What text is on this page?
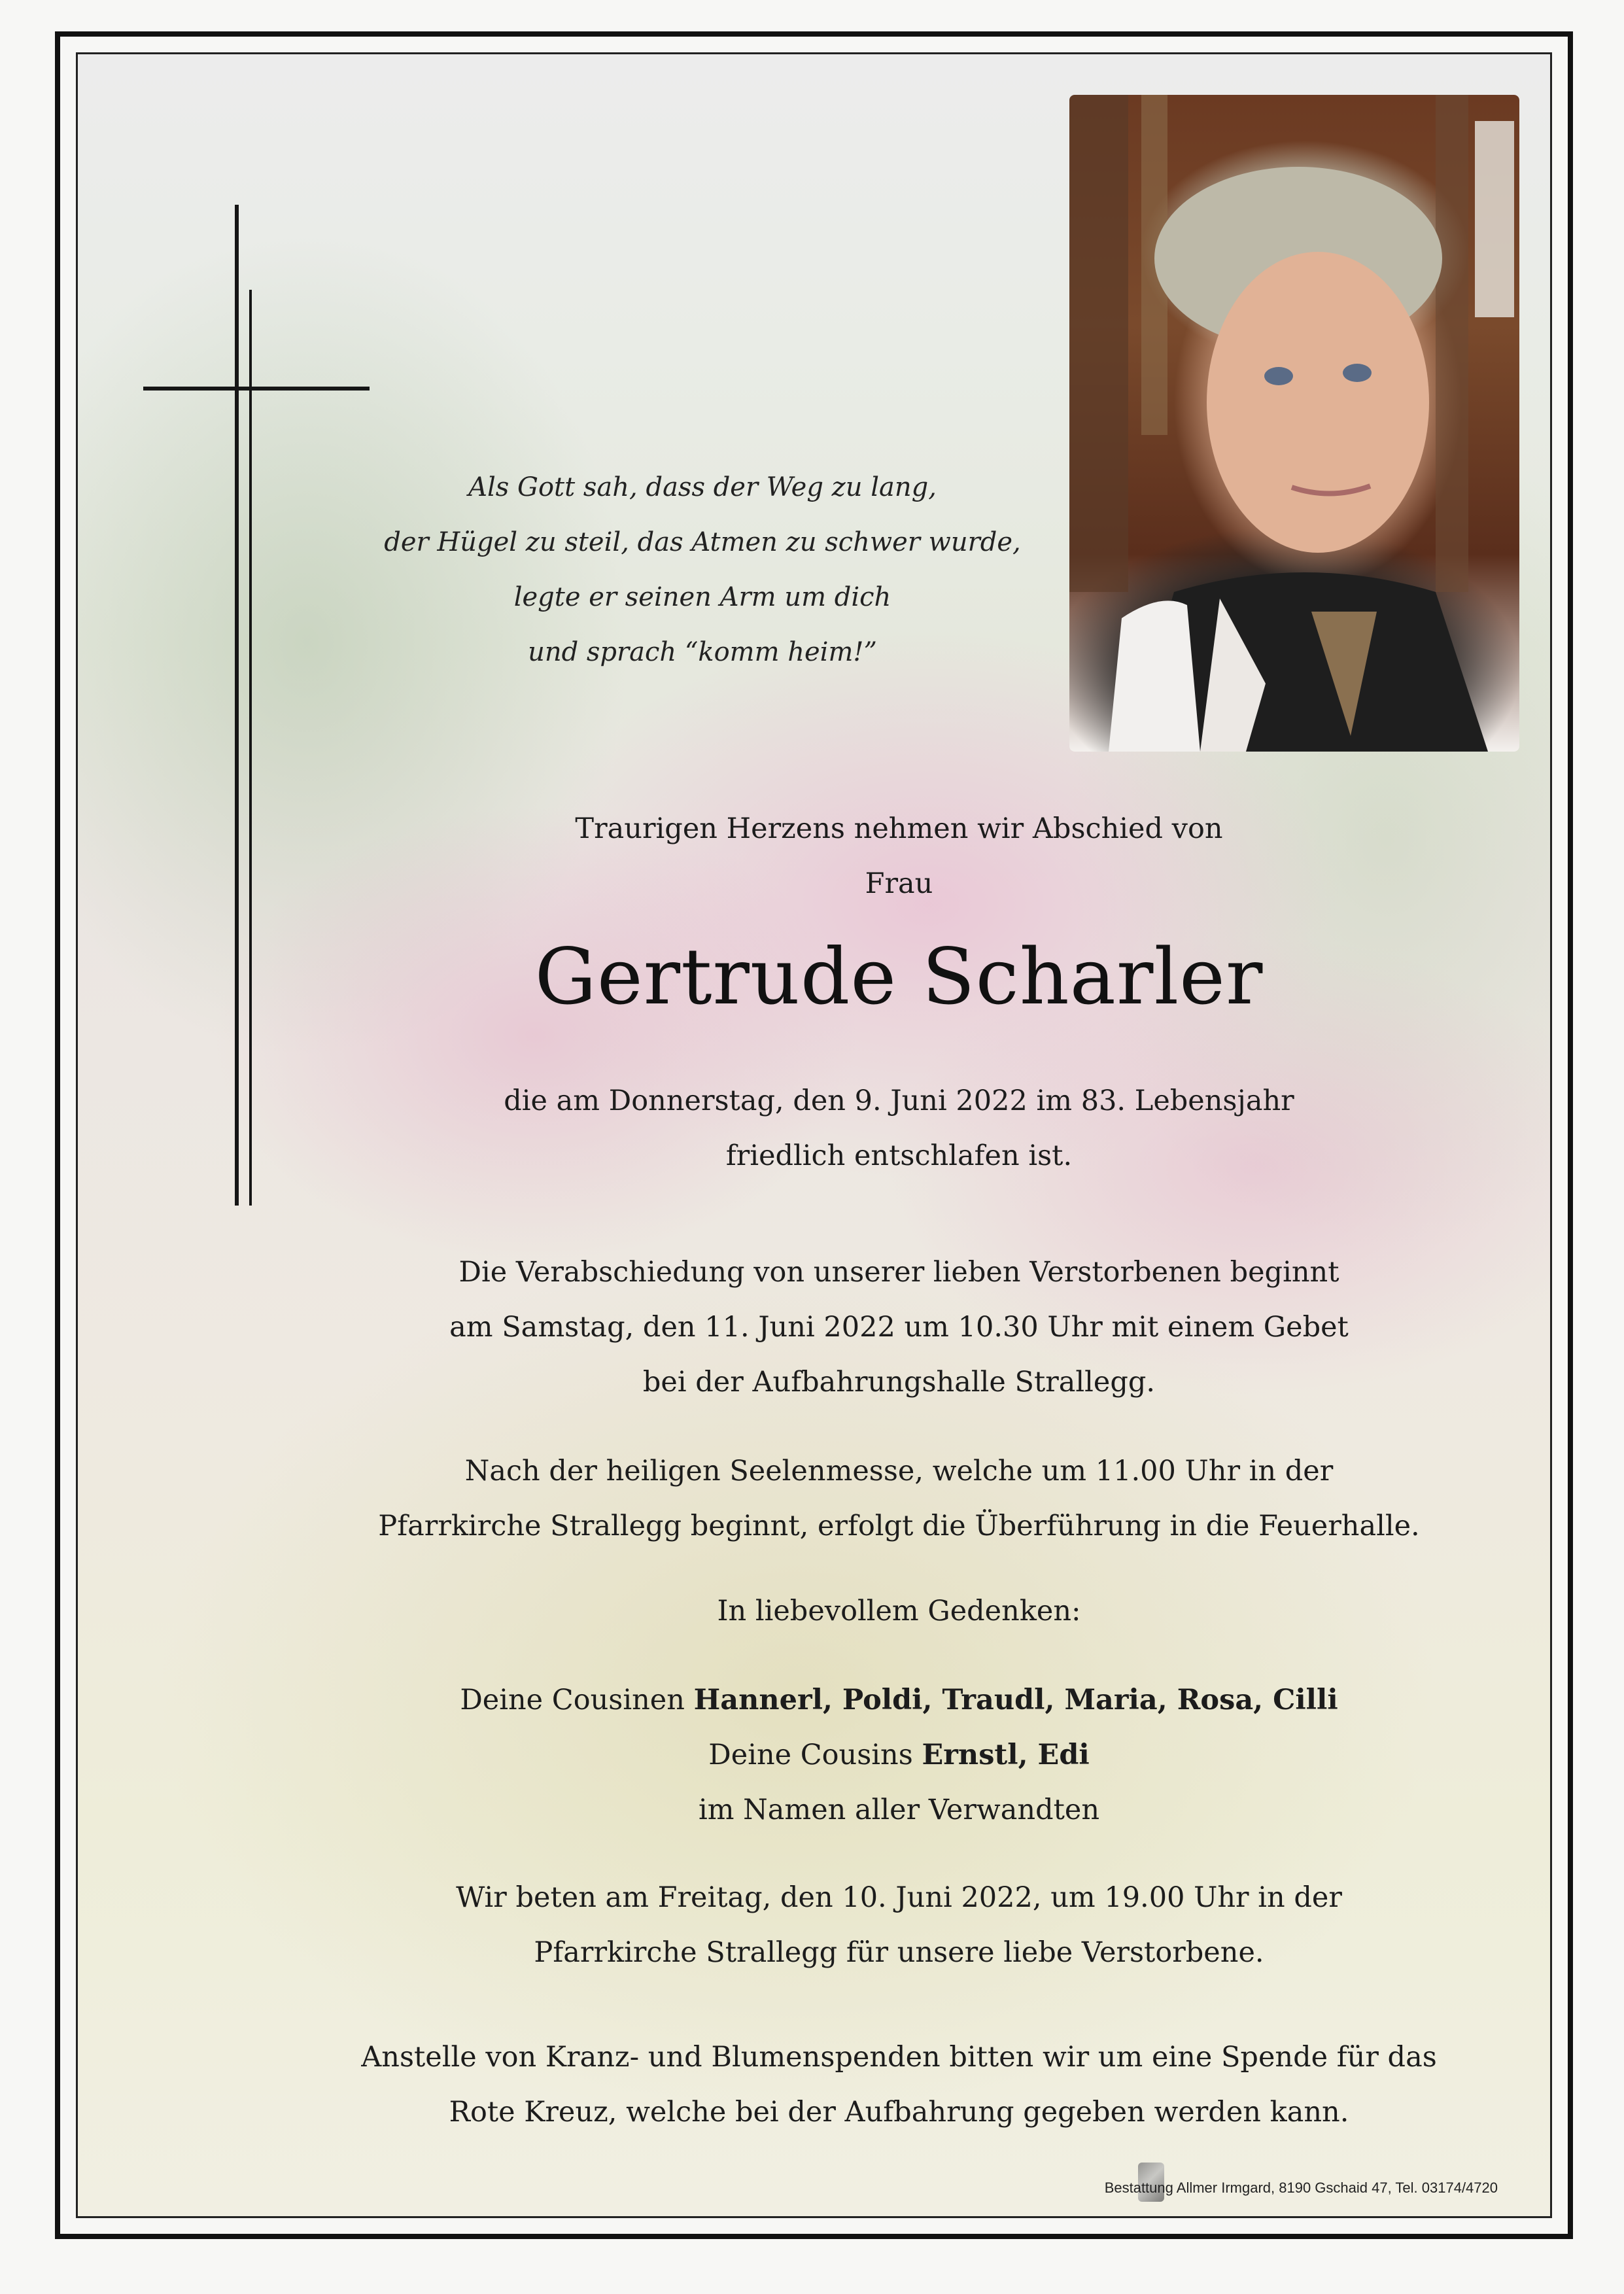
Als Gott sah, dass der Weg zu lang,
der Hügel zu steil, das Atmen zu schwer wurde,
legte er seinen Arm um dich
und sprach “komm heim!”
Traurigen Herzens nehmen wir Abschied von
Frau
Gertrude Scharler
die am Donnerstag, den 9. Juni 2022 im 83. Lebensjahr
friedlich entschlafen ist.
Die Verabschiedung von unserer lieben Verstorbenen beginnt
am Samstag, den 11. Juni 2022 um 10.30 Uhr mit einem Gebet
bei der Aufbahrungshalle Strallegg.
Nach der heiligen Seelenmesse, welche um 11.00 Uhr in der
Pfarrkirche Strallegg beginnt, erfolgt die Überführung in die Feuerhalle.
In liebevollem Gedenken:
Deine Cousinen Hannerl, Poldi, Traudl, Maria, Rosa, Cilli
Deine Cousins Ernstl, Edi
im Namen aller Verwandten
Wir beten am Freitag, den 10. Juni 2022, um 19.00 Uhr in der
Pfarrkirche Strallegg für unsere liebe Verstorbene.
Anstelle von Kranz- und Blumenspenden bitten wir um eine Spende für das
Rote Kreuz, welche bei der Aufbahrung gegeben werden kann.
Bestattung Allmer Irmgard, 8190 Gschaid 47, Tel. 03174/4720
